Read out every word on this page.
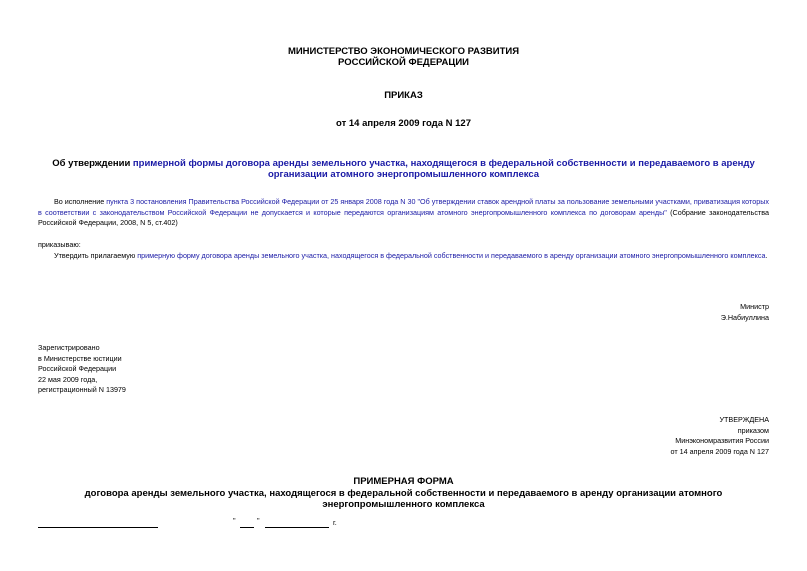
МИНИСТЕРСТВО ЭКОНОМИЧЕСКОГО РАЗВИТИЯ
РОССИЙСКОЙ ФЕДЕРАЦИИ
ПРИКАЗ
от 14 апреля 2009 года N 127
Об утверждении примерной формы договора аренды земельного участка, находящегося в федеральной собственности и передаваемого в аренду организации атомного энергопромышленного комплекса
Во исполнение пункта 3 постановления Правительства Российской Федерации от 25 января 2008 года N 30 "Об утверждении ставок арендной платы за пользование земельными участками, приватизация которых в соответствии с законодательством Российской Федерации не допускается и которые передаются организациям атомного энергопромышленного комплекса по договорам аренды" (Собрание законодательства Российской Федерации, 2008, N 5, ст.402)
приказываю:
Утвердить прилагаемую примерную форму договора аренды земельного участка, находящегося в федеральной собственности и передаваемого в аренду организации атомного энергопромышленного комплекса.
Министр
Э.Набиуллина
Зарегистрировано
в Министерстве юстиции
Российской Федерации
22 мая 2009 года,
регистрационный N 13979
УТВЕРЖДЕНА
приказом
Минэкономразвития России
от 14 апреля 2009 года N 127
ПРИМЕРНАЯ ФОРМА
договора аренды земельного участка, находящегося в федеральной собственности и передаваемого в аренду организации атомного энергопромышленного комплекса
"	"	г.
